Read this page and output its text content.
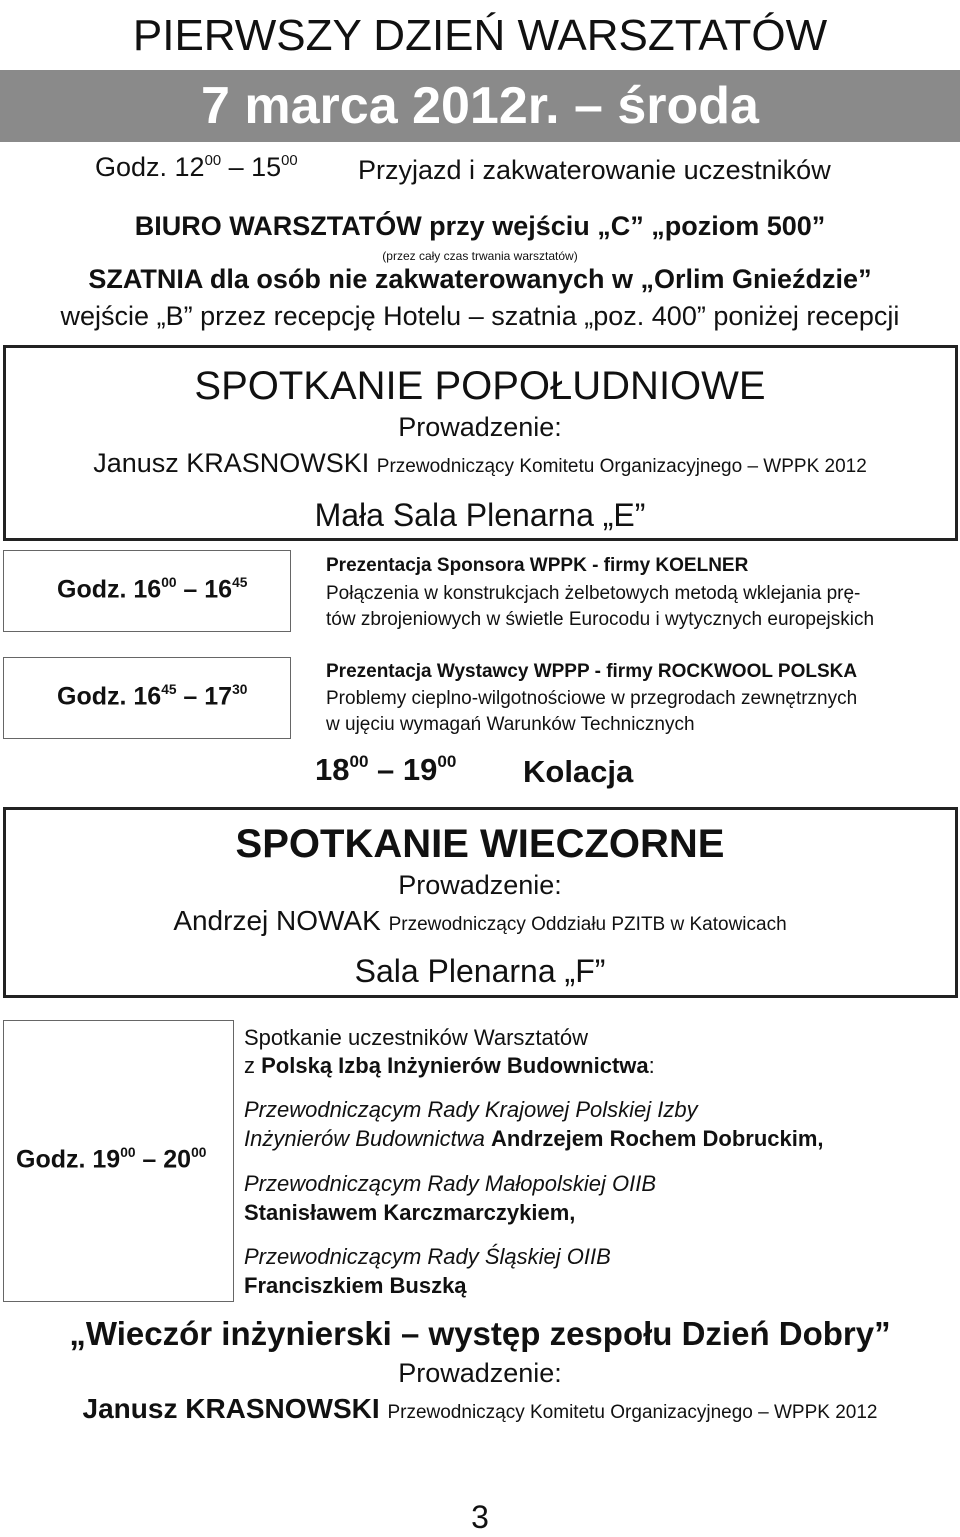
PIERWSZY DZIEŃ WARSZTATÓW
7 marca 2012r. – środa
Godz. $12^{00} - 15^{00}$ Przyjazd i zakwaterowanie uczestników
BIURO WARSZTATÓW przy wejściu „C” „poziom 500”
(przez cały czas trwania warsztatów)
SZATNIA dla osób nie zakwaterowanych w „Orlim Gnieździe”
wejście „B” przez recepcję Hotelu – szatnia „poz. 400” poniżej recepcji
SPOTKANIE POPOŁUDNIOWE
Prowadzenie:
Janusz KRASNOWSKI Przewodniczący Komitetu Organizacyjnego – WPPK 2012
Mała Sala Plenarna „E”
Godz. $16^{00} - 16^{45}$
Prezentacja Sponsora WPPK - firmy KOELNER
Połączenia w konstrukcjach żelbetowych metodą wklejania prę-
tów zbrojeniowych w świetle Eurocodu i wytycznych europejskich
Godz. $16^{45} - 17^{30}$
Prezentacja Wystawcy WPPP - firmy ROCKWOOL POLSKA
Problemy cieplno-wilgotnościowe w przegrodach zewnętrznych
w ujęciu wymagań Warunków Technicznych
$18^{00} - 19^{00}$ Kolacja
SPOTKANIE WIECZORNE
Prowadzenie:
Andrzej NOWAK Przewodniczący Oddziału PZITB w Katowicach
Sala Plenarna „F”
Godz. $19^{00} - 20^{00}$
Spotkanie uczestników Warsztatów
z Polską Izbą Inżynierów Budownictwa:
Przewodniczącym Rady Krajowej Polskiej Izby
Inżynierów Budownictwa Andrzejem Rochem Dobruckim,
Przewodniczącym Rady Małopolskiej OIIB
Stanisławem Karczmarczykiem,
Przewodniczącym Rady Śląskiej OIIB
Franciszkiem Buszką
„Wieczór inżynierski – występ zespołu Dzień Dobry”
Prowadzenie:
Janusz KRASNOWSKI Przewodniczący Komitetu Organizacyjnego – WPPK 2012
3
